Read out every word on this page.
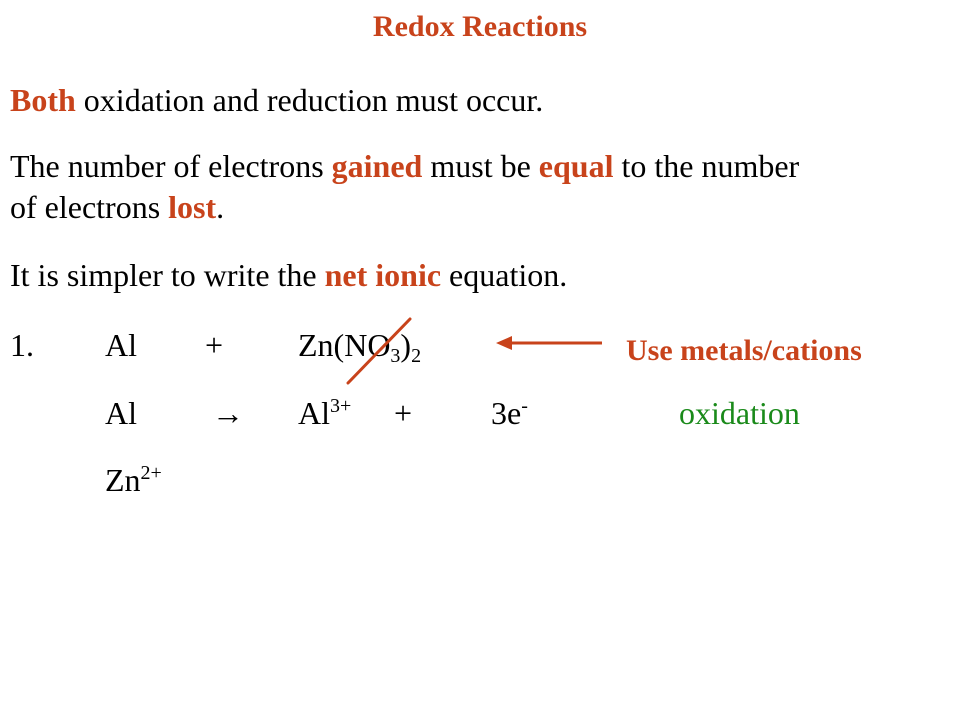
Redox Reactions
Both oxidation and reduction must occur.
The number of electrons gained must be equal to the number
of electrons lost.
It is simpler to write the net ionic equation.
1. $Al + Zn(NO_3)_2$	Use metals/cations
$Al \to Al^{3+} + 3e^-$	oxidation
$Zn^{2+}$
